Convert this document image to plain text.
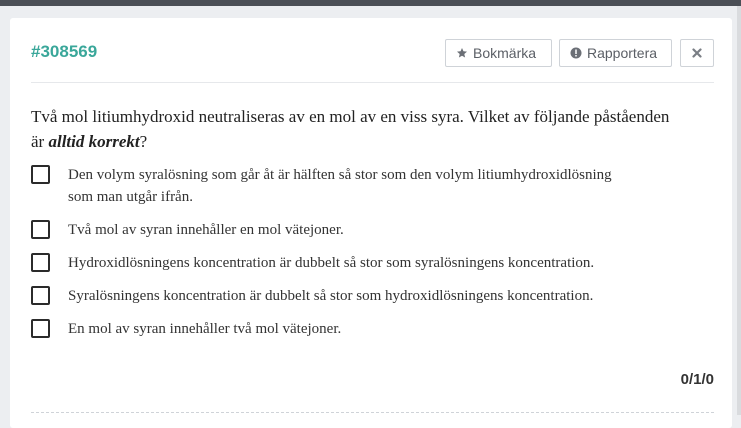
#308569	Bokmärka	Rapportera
Två mol litiumhydroxid neutraliseras av en mol av en viss syra. Vilket av följande påståenden är alltid korrekt?
Den volym syralösning som går åt är hälften så stor som den volym litiumhydroxidlösning som man utgår ifrån.
Två mol av syran innehåller en mol vätejoner.
Hydroxidlösningens koncentration är dubbelt så stor som syralösningens koncentration.
Syralösningens koncentration är dubbelt så stor som hydroxidlösningens koncentration.
En mol av syran innehåller två mol vätejoner.
0/1/0
